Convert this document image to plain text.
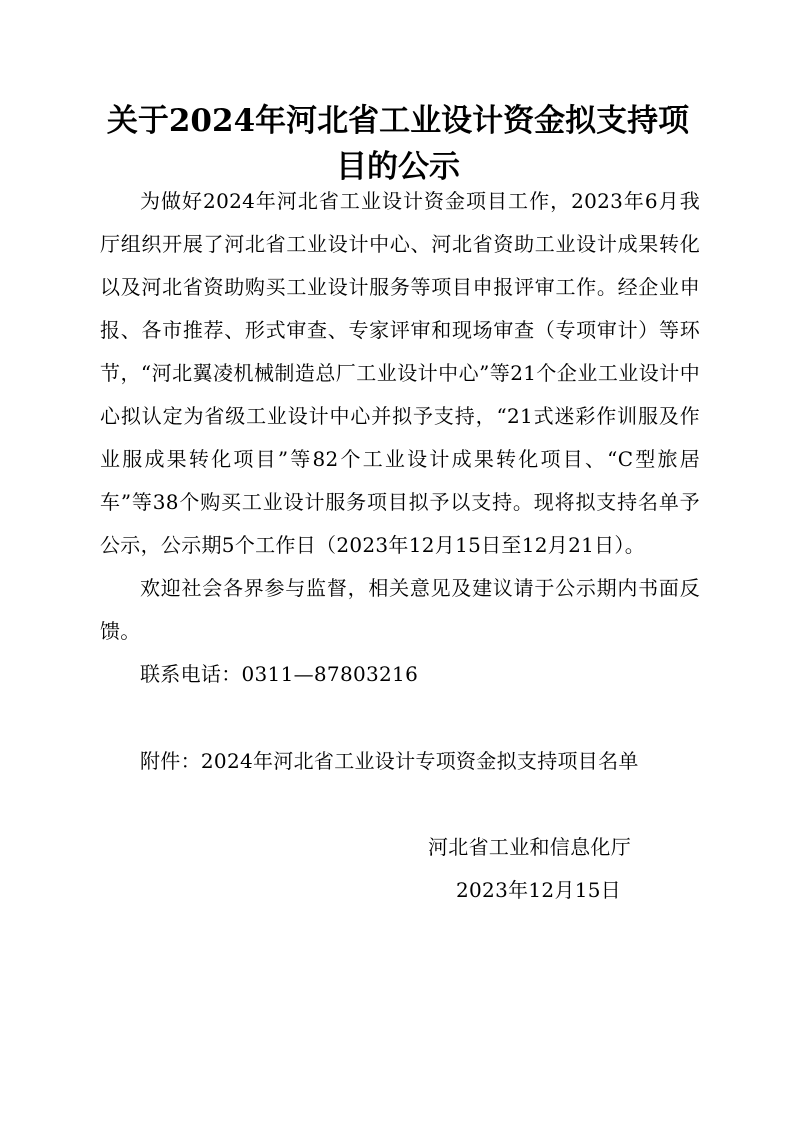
关于2024年河北省工业设计资金拟支持项目的公示

为做好2024年河北省工业设计资金项目工作，2023年6月我厅组织开展了河北省工业设计中心、河北省资助工业设计成果转化以及河北省资助购买工业设计服务等项目申报评审工作。经企业申报、各市推荐、形式审查、专家评审和现场审查（专项审计）等环节，“河北翼凌机械制造总厂工业设计中心”等21个企业工业设计中心拟认定为省级工业设计中心并拟予支持，“21式迷彩作训服及作业服成果转化项目”等82个工业设计成果转化项目、“C型旅居车”等38个购买工业设计服务项目拟予以支持。现将拟支持名单予公示，公示期5个工作日（2023年12月15日至12月21日）。

欢迎社会各界参与监督，相关意见及建议请于公示期内书面反馈。

联系电话：0311—87803216

附件：2024年河北省工业设计专项资金拟支持项目名单
河北省工业和信息化厅
2023年12月15日
